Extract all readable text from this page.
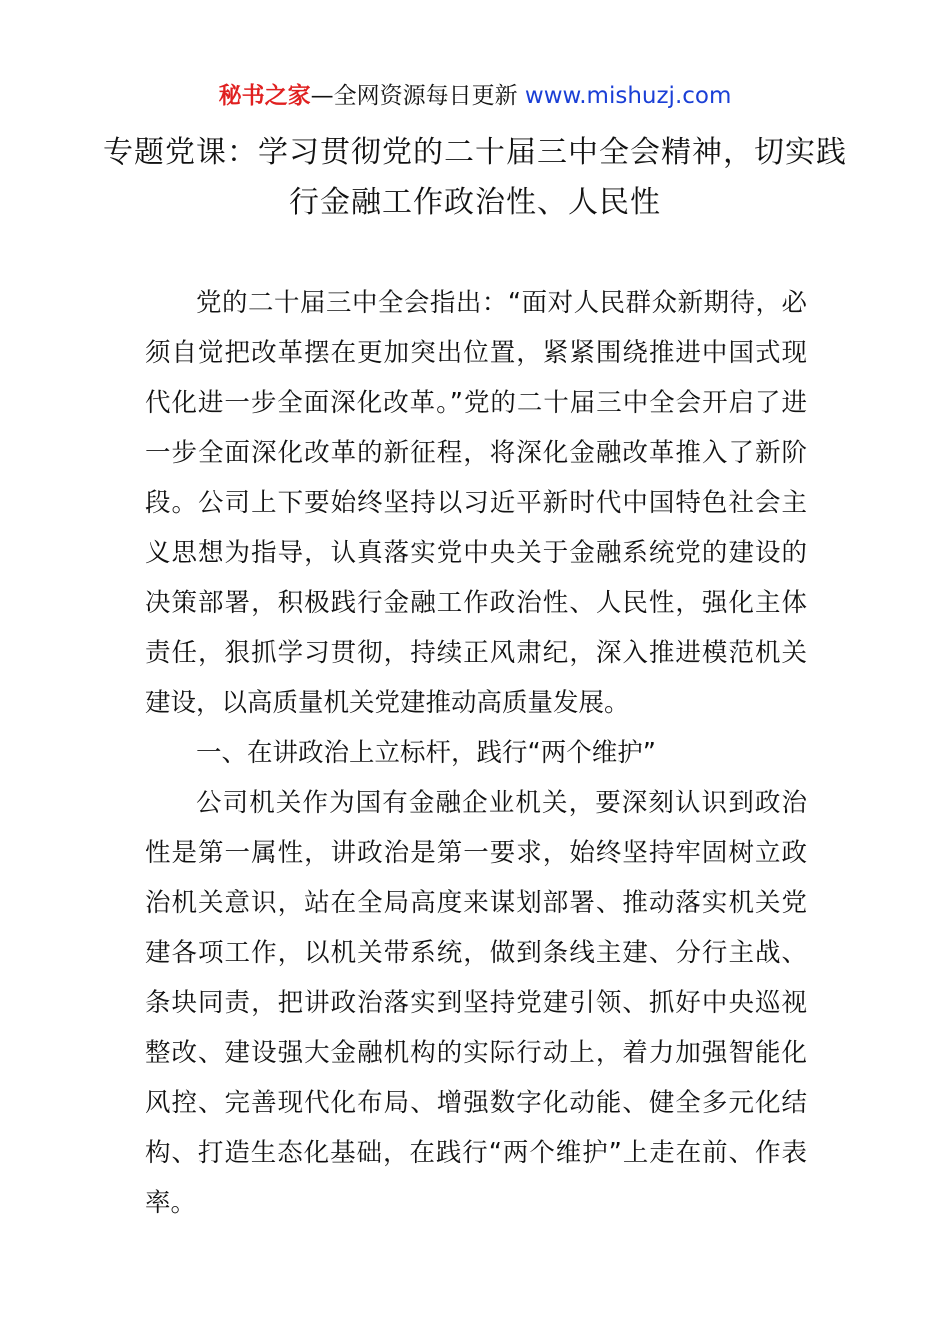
秘书之家—全网资源每日更新 www.mishuzj.com
专题党课：学习贯彻党的二十届三中全会精神，切实践行金融工作政治性、人民性

党的二十届三中全会指出：“面对人民群众新期待，必须自觉把改革摆在更加突出位置，紧紧围绕推进中国式现代化进一步全面深化改革。”党的二十届三中全会开启了进一步全面深化改革的新征程，将深化金融改革推入了新阶段。公司上下要始终坚持以习近平新时代中国特色社会主义思想为指导，认真落实党中央关于金融系统党的建设的决策部署，积极践行金融工作政治性、人民性，强化主体责任，狠抓学习贯彻，持续正风肃纪，深入推进模范机关建设，以高质量机关党建推动高质量发展。

一、在讲政治上立标杆，践行“两个维护”

公司机关作为国有金融企业机关，要深刻认识到政治性是第一属性，讲政治是第一要求，始终坚持牢固树立政治机关意识，站在全局高度来谋划部署、推动落实机关党建各项工作，以机关带系统，做到条线主建、分行主战、条块同责，把讲政治落实到坚持党建引领、抓好中央巡视整改、建设强大金融机构的实际行动上，着力加强智能化风控、完善现代化布局、增强数字化动能、健全多元化结构、打造生态化基础，在践行“两个维护”上走在前、作表率。
